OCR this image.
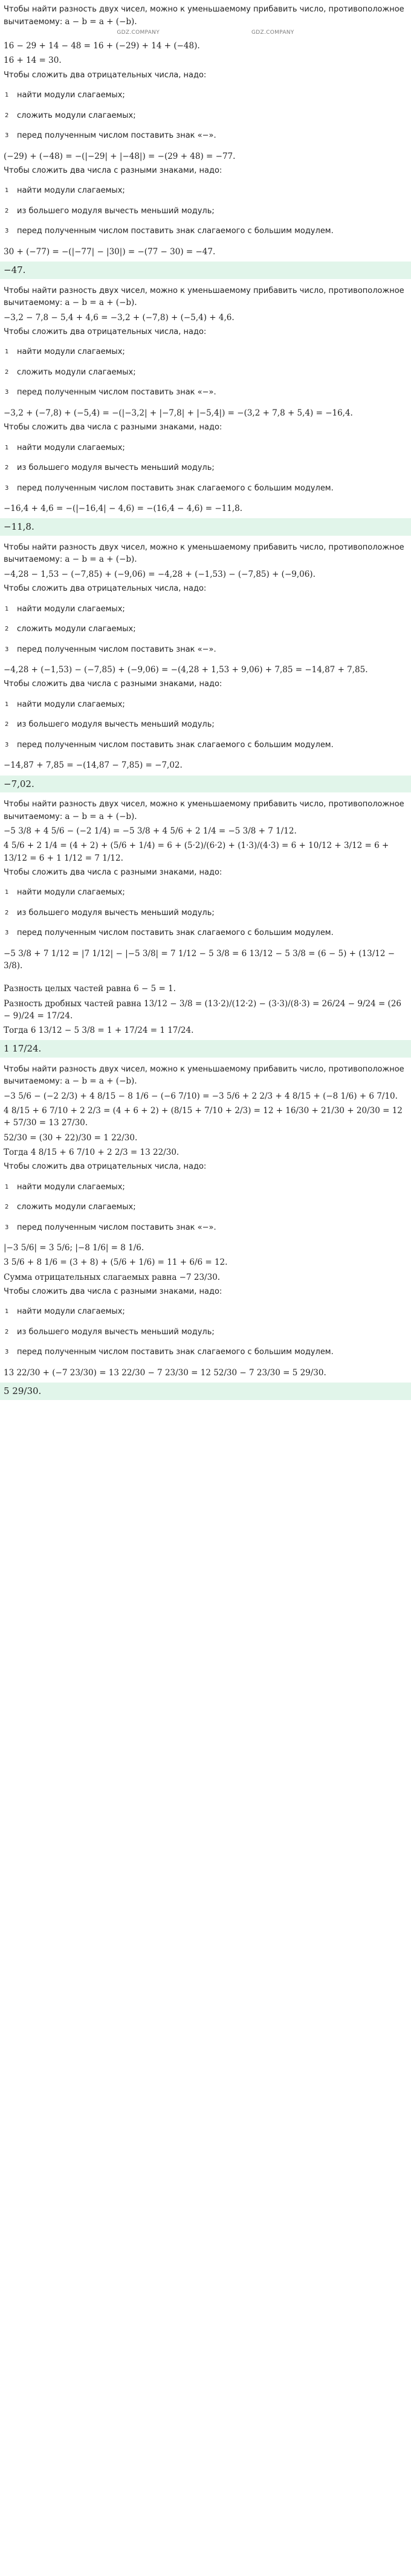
Чтобы найти разность двух чисел, можно к уменьшаемому прибавить число, противоположное вычитаемому: a − b = a + (−b).
GDZ.COMPANY	GDZ.COMPANY
16 − 29 + 14 − 48 = 16 + (−29) + 14 + (−48).
16 + 14 = 30.
Чтобы сложить два отрицательных числа, надо:
1 найти модули слагаемых;
2 сложить модули слагаемых;
3 перед полученным числом поставить знак «−».
(−29) + (−48) = −(|−29| + |−48|) = −(29 + 48) = −77.
Чтобы сложить два числа с разными знаками, надо:
1 найти модули слагаемых;
2 из большего модуля вычесть меньший модуль;
3 перед полученным числом поставить знак слагаемого с большим модулем.
30 + (−77) = −(|−77| − |30|) = −(77 − 30) = −47.
−47.
Чтобы найти разность двух чисел, можно к уменьшаемому прибавить число, противоположное вычитаемому: a − b = a + (−b).
−3,2 − 7,8 − 5,4 + 4,6 = −3,2 + (−7,8) + (−5,4) + 4,6.
Чтобы сложить два отрицательных числа, надо:
1 найти модули слагаемых;
2 сложить модули слагаемых;
3 перед полученным числом поставить знак «−».
−3,2 + (−7,8) + (−5,4) = −(|−3,2| + |−7,8| + |−5,4|) = −(3,2 + 7,8 + 5,4) = −16,4.
Чтобы сложить два числа с разными знаками, надо:
1 найти модули слагаемых;
2 из большего модуля вычесть меньший модуль;
3 перед полученным числом поставить знак слагаемого с большим модулем.
−16,4 + 4,6 = −(|−16,4| − 4,6) = −(16,4 − 4,6) = −11,8.
−11,8.
Чтобы найти разность двух чисел, можно к уменьшаемому прибавить число, противоположное вычитаемому: a − b = a + (−b).
−4,28 − 1,53 − (−7,85) + (−9,06) = −4,28 + (−1,53) − (−7,85) + (−9,06).
Чтобы сложить два отрицательных числа, надо:
1 найти модули слагаемых;
2 сложить модули слагаемых;
3 перед полученным числом поставить знак «−».
−4,28 + (−1,53) − (−7,85) + (−9,06) = −(4,28 + 1,53 + 9,06) + 7,85 = −14,87 + 7,85.
Чтобы сложить два числа с разными знаками, надо:
1 найти модули слагаемых;
2 из большего модуля вычесть меньший модуль;
3 перед полученным числом поставить знак слагаемого с большим модулем.
−14,87 + 7,85 = −(14,87 − 7,85) = −7,02.
−7,02.
Чтобы найти разность двух чисел, можно к уменьшаемому прибавить число, противоположное вычитаемому: a − b = a + (−b).
−5 3/8 + 4 5/6 − (−2 1/4) = −5 3/8 + 4 5/6 + 2 1/4 = −5 3/8 + 7 1/12.
4 5/6 + 2 1/4 = (4 + 2) + (5/6 + 1/4) = 6 + (5·2)/(6·2) + (1·3)/(4·3) = 6 + 10/12 + 3/12 = 6 + 13/12 = 6 + 1 1/12 = 7 1/12.
Чтобы сложить два числа с разными знаками, надо:
1 найти модули слагаемых;
2 из большего модуля вычесть меньший модуль;
3 перед полученным числом поставить знак слагаемого с большим модулем.
−5 3/8 + 7 1/12 = |7 1/12| − |−5 3/8| = 7 1/12 − 5 3/8 = 6 13/12 − 5 3/8 = (6 − 5) + (13/12 − 3/8).
Разность целых частей равна 6 − 5 = 1.
Разность дробных частей равна 13/12 − 3/8 = (13·2)/(12·2) − (3·3)/(8·3) = 26/24 − 9/24 = (26 − 9)/24 = 17/24.
Тогда 6 13/12 − 5 3/8 = 1 + 17/24 = 1 17/24.
1 17/24.
Чтобы найти разность двух чисел, можно к уменьшаемому прибавить число, противоположное вычитаемому: a − b = a + (−b).
−3 5/6 − (−2 2/3) + 4 8/15 − 8 1/6 − (−6 7/10) = −3 5/6 + 2 2/3 + 4 8/15 + (−8 1/6) + 6 7/10.
4 8/15 + 6 7/10 + 2 2/3 = (4 + 6 + 2) + (8/15 + 7/10 + 2/3) = 12 + 16/30 + 21/30 + 20/30 = 12 + 57/30 = 13 27/30.
52/30 = (30 + 22)/30 = 1 22/30.
Тогда 4 8/15 + 6 7/10 + 2 2/3 = 13 22/30.
Чтобы сложить два отрицательных числа, надо:
1 найти модули слагаемых;
2 сложить модули слагаемых;
3 перед полученным числом поставить знак «−».
|−3 5/6| = 3 5/6; |−8 1/6| = 8 1/6.
3 5/6 + 8 1/6 = (3 + 8) + (5/6 + 1/6) = 11 + 6/6 = 12.
Сумма отрицательных слагаемых равна −7 23/30.
Чтобы сложить два числа с разными знаками, надо:
1 найти модули слагаемых;
2 из большего модуля вычесть меньший модуль;
3 перед полученным числом поставить знак слагаемого с большим модулем.
13 22/30 + (−7 23/30) = 13 22/30 − 7 23/30 = 12 52/30 − 7 23/30 = 5 29/30.
5 29/30.
